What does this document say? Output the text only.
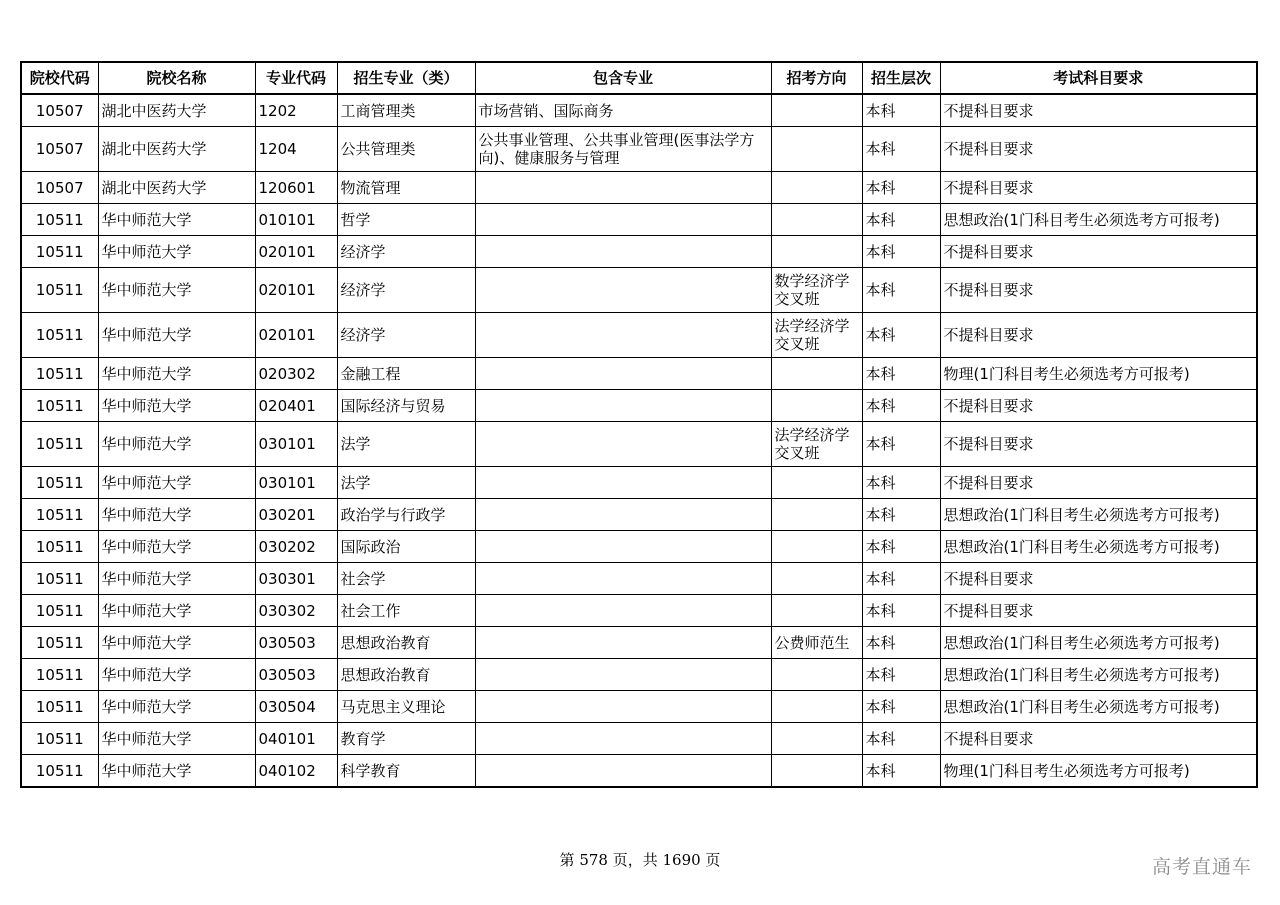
院校代码	院校名称	专业代码	招生专业（类）	包含专业	招考方向	招生层次	考试科目要求
10507	湖北中医药大学	1202	工商管理类	市场营销、国际商务		本科	不提科目要求
10507	湖北中医药大学	1204	公共管理类	公共事业管理、公共事业管理(医事法学方向)、健康服务与管理		本科	不提科目要求
10507	湖北中医药大学	120601	物流管理			本科	不提科目要求
10511	华中师范大学	010101	哲学			本科	思想政治(1门科目考生必须选考方可报考)
10511	华中师范大学	020101	经济学			本科	不提科目要求
10511	华中师范大学	020101	经济学		数学经济学交叉班	本科	不提科目要求
10511	华中师范大学	020101	经济学		法学经济学交叉班	本科	不提科目要求
10511	华中师范大学	020302	金融工程			本科	物理(1门科目考生必须选考方可报考)
10511	华中师范大学	020401	国际经济与贸易			本科	不提科目要求
10511	华中师范大学	030101	法学		法学经济学交叉班	本科	不提科目要求
10511	华中师范大学	030101	法学			本科	不提科目要求
10511	华中师范大学	030201	政治学与行政学			本科	思想政治(1门科目考生必须选考方可报考)
10511	华中师范大学	030202	国际政治			本科	思想政治(1门科目考生必须选考方可报考)
10511	华中师范大学	030301	社会学			本科	不提科目要求
10511	华中师范大学	030302	社会工作			本科	不提科目要求
10511	华中师范大学	030503	思想政治教育		公费师范生	本科	思想政治(1门科目考生必须选考方可报考)
10511	华中师范大学	030503	思想政治教育			本科	思想政治(1门科目考生必须选考方可报考)
10511	华中师范大学	030504	马克思主义理论			本科	思想政治(1门科目考生必须选考方可报考)
10511	华中师范大学	040101	教育学			本科	不提科目要求
10511	华中师范大学	040102	科学教育			本科	物理(1门科目考生必须选考方可报考)
第 578 页，共 1690 页	高考直通车
